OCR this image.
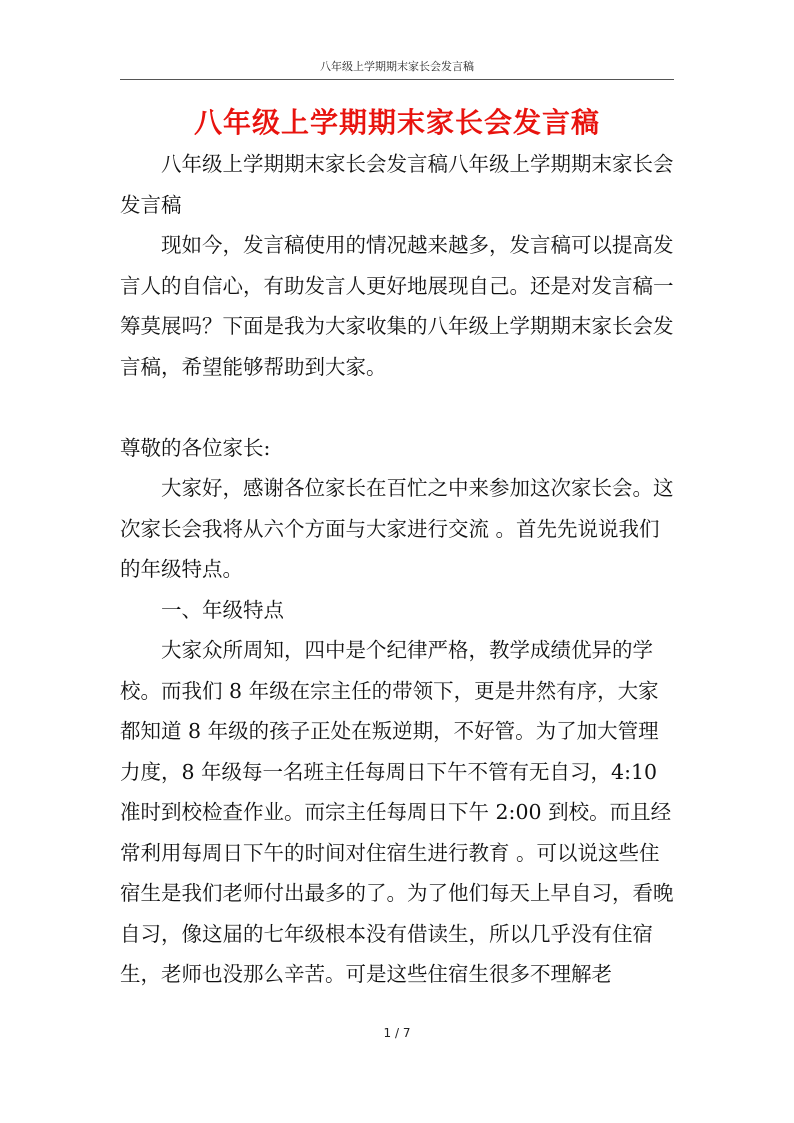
八年级上学期期末家长会发言稿
八年级上学期期末家长会发言稿

八年级上学期期末家长会发言稿八年级上学期期末家长会发言稿

现如今，发言稿使用的情况越来越多，发言稿可以提高发言人的自信心，有助发言人更好地展现自己。还是对发言稿一筹莫展吗？下面是我为大家收集的八年级上学期期末家长会发言稿，希望能够帮助到大家。

尊敬的各位家长:

大家好，感谢各位家长在百忙之中来参加这次家长会。这次家长会我将从六个方面与大家进行交流 。首先先说说我们的年级特点。

一、年级特点

大家众所周知，四中是个纪律严格，教学成绩优异的学校。而我们 8 年级在宗主任的带领下，更是井然有序，大家都知道 8 年级的孩子正处在叛逆期，不好管。为了加大管理力度，8 年级每一名班主任每周日下午不管有无自习，4:10 准时到校检查作业。而宗主任每周日下午 2:00 到校。而且经常利用每周日下午的时间对住宿生进行教育 。可以说这些住宿生是我们老师付出最多的了。为了他们每天上早自习，看晚自习，像这届的七年级根本没有借读生，所以几乎没有住宿生，老师也没那么辛苦。可是这些住宿生很多不理解老

1 / 7
